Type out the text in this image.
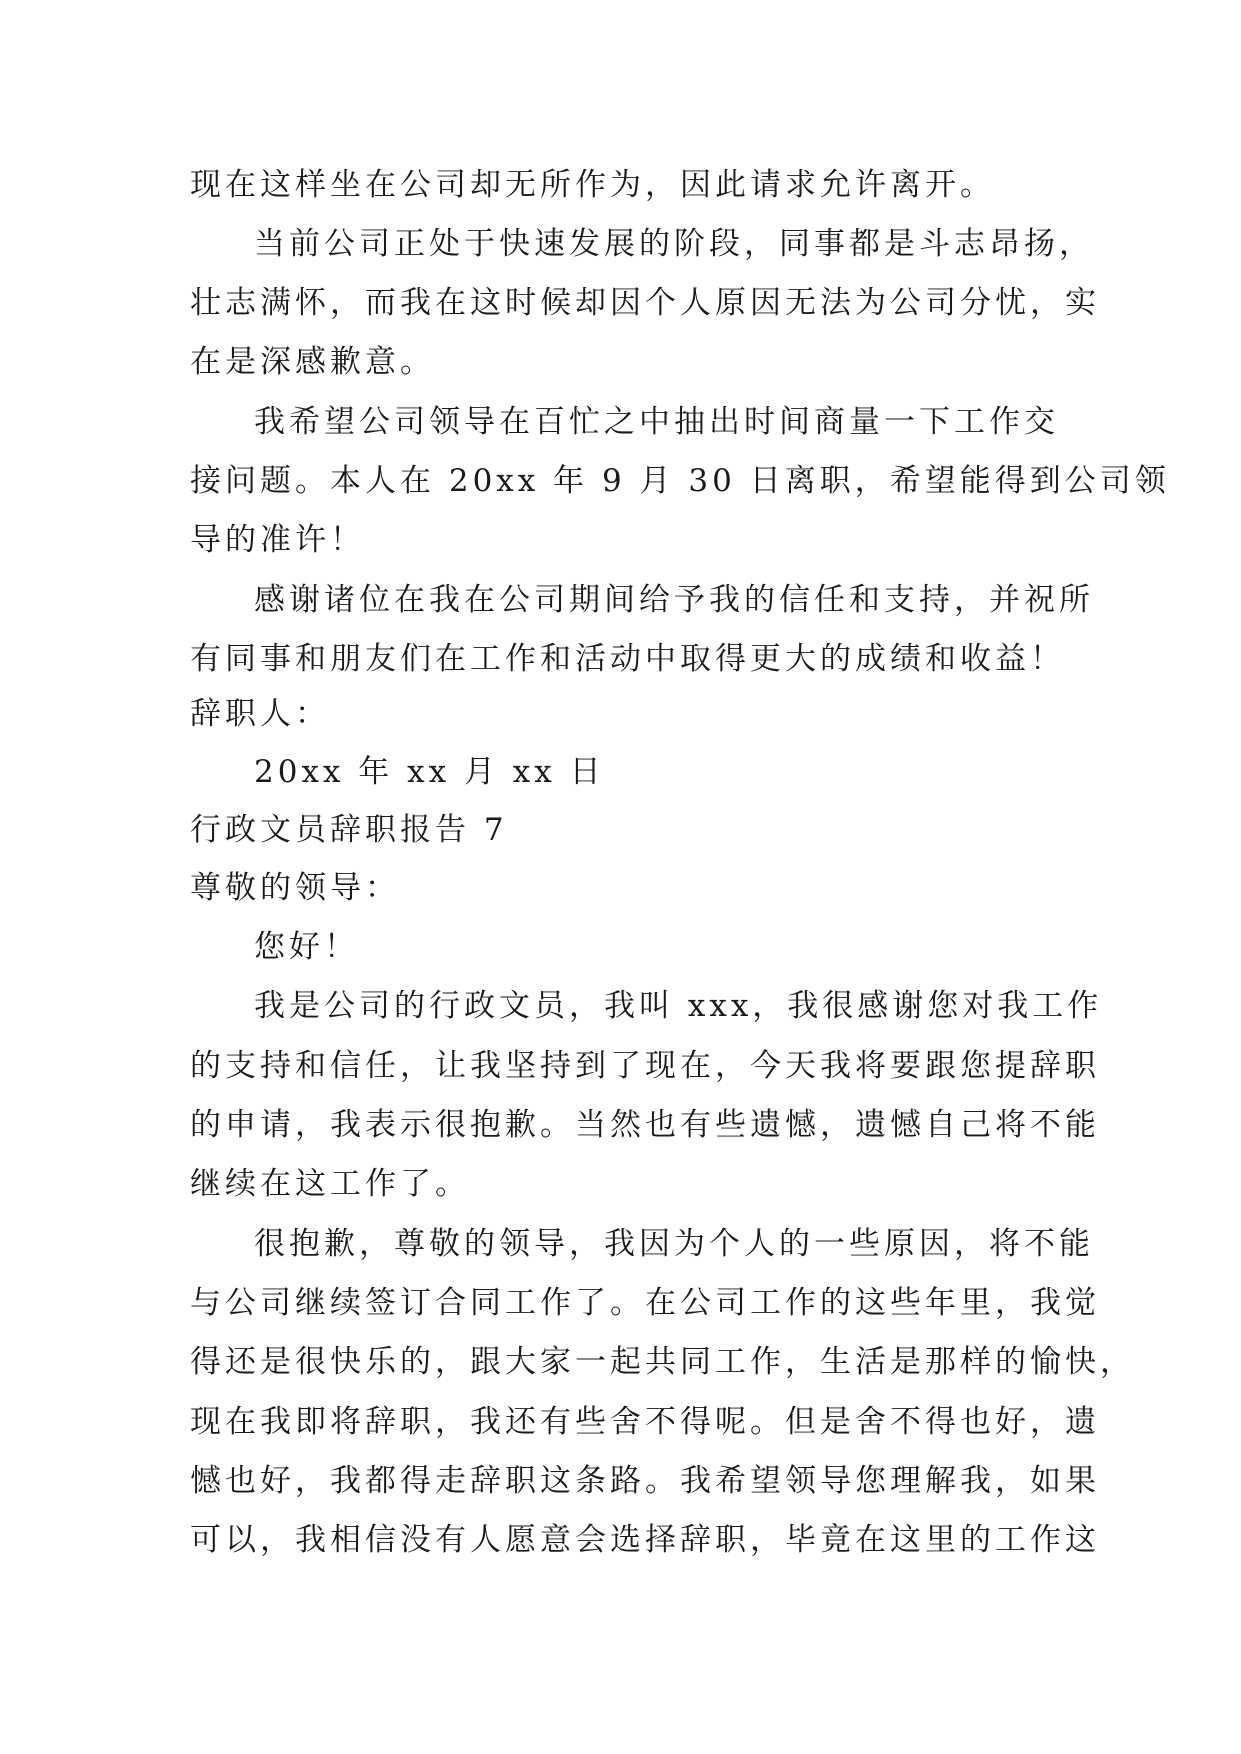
现在这样坐在公司却无所作为，因此请求允许离开。
当前公司正处于快速发展的阶段，同事都是斗志昂扬，
壮志满怀，而我在这时候却因个人原因无法为公司分忧，实
在是深感歉意。
我希望公司领导在百忙之中抽出时间商量一下工作交
接问题。本人在 20xx 年 9 月 30 日离职，希望能得到公司领
导的准许！
感谢诸位在我在公司期间给予我的信任和支持，并祝所
有同事和朋友们在工作和活动中取得更大的成绩和收益！
辞职人：
20xx 年 xx 月 xx 日
行政文员辞职报告 7
尊敬的领导：
您好！
我是公司的行政文员，我叫 xxx，我很感谢您对我工作
的支持和信任，让我坚持到了现在，今天我将要跟您提辞职
的申请，我表示很抱歉。当然也有些遗憾，遗憾自己将不能
继续在这工作了。
很抱歉，尊敬的领导，我因为个人的一些原因，将不能
与公司继续签订合同工作了。在公司工作的这些年里，我觉
得还是很快乐的，跟大家一起共同工作，生活是那样的愉快，
现在我即将辞职，我还有些舍不得呢。但是舍不得也好，遗
憾也好，我都得走辞职这条路。我希望领导您理解我，如果
可以，我相信没有人愿意会选择辞职，毕竟在这里的工作这
